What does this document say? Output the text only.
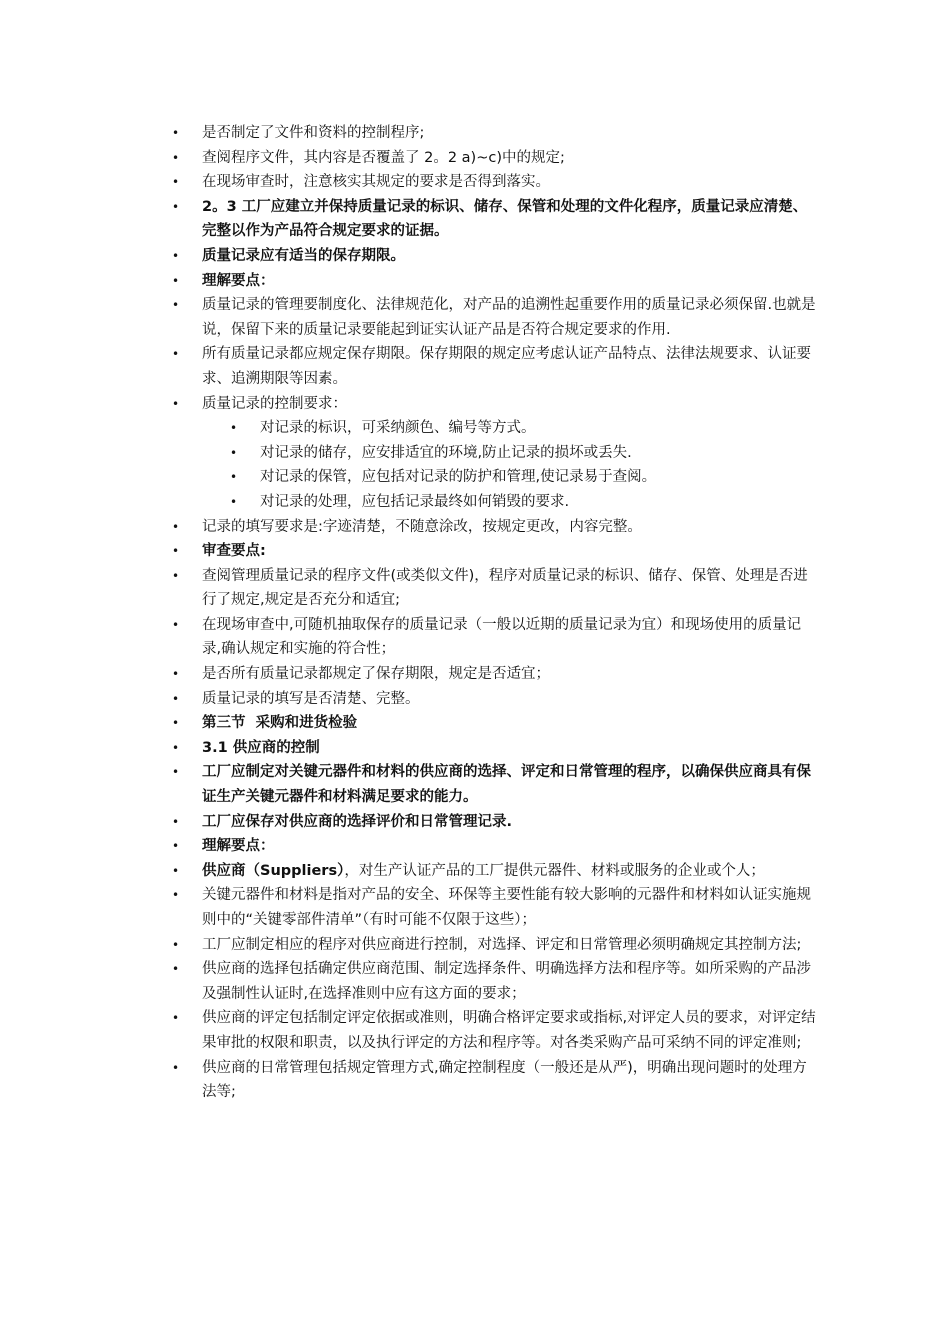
• 是否制定了文件和资料的控制程序;
• 查阅程序文件，其内容是否覆盖了 2。2 a)~c)中的规定;
• 在现场审查时，注意核实其规定的要求是否得到落实。
• 2。3 工厂应建立并保持质量记录的标识、储存、保管和处理的文件化程序，质量记录应清楚、完整以作为产品符合规定要求的证据。
• 质量记录应有适当的保存期限。
• 理解要点：
• 质量记录的管理要制度化、法律规范化，对产品的追溯性起重要作用的质量记录必须保留.也就是说，保留下来的质量记录要能起到证实认证产品是否符合规定要求的作用.
• 所有质量记录都应规定保存期限。保存期限的规定应考虑认证产品特点、法律法规要求、认证要求、追溯期限等因素。
• 质量记录的控制要求：
• 对记录的标识，可采纳颜色、编号等方式。
• 对记录的储存，应安排适宜的环境,防止记录的损坏或丢失.
• 对记录的保管，应包括对记录的防护和管理,使记录易于查阅。
• 对记录的处理，应包括记录最终如何销毁的要求.
• 记录的填写要求是:字迹清楚，不随意涂改，按规定更改，内容完整。
• 审查要点:
• 查阅管理质量记录的程序文件(或类似文件)，程序对质量记录的标识、储存、保管、处理是否进行了规定,规定是否充分和适宜;
• 在现场审查中,可随机抽取保存的质量记录（一般以近期的质量记录为宜）和现场使用的质量记录,确认规定和实施的符合性；
• 是否所有质量记录都规定了保存期限，规定是否适宜；
• 质量记录的填写是否清楚、完整。
• 第三节  采购和进货检验
• 3.1 供应商的控制
• 工厂应制定对关键元器件和材料的供应商的选择、评定和日常管理的程序，以确保供应商具有保证生产关键元器件和材料满足要求的能力。
• 工厂应保存对供应商的选择评价和日常管理记录.
• 理解要点：
• 供应商（Suppliers），对生产认证产品的工厂提供元器件、材料或服务的企业或个人；
• 关键元器件和材料是指对产品的安全、环保等主要性能有较大影响的元器件和材料如认证实施规则中的“关键零部件清单”（有时可能不仅限于这些）；
• 工厂应制定相应的程序对供应商进行控制，对选择、评定和日常管理必须明确规定其控制方法;
• 供应商的选择包括确定供应商范围、制定选择条件、明确选择方法和程序等。如所采购的产品涉及强制性认证时,在选择准则中应有这方面的要求；
• 供应商的评定包括制定评定依据或准则，明确合格评定要求或指标,对评定人员的要求，对评定结果审批的权限和职责，以及执行评定的方法和程序等。对各类采购产品可采纳不同的评定准则;
• 供应商的日常管理包括规定管理方式,确定控制程度（一般还是从严)，明确出现问题时的处理方法等;
